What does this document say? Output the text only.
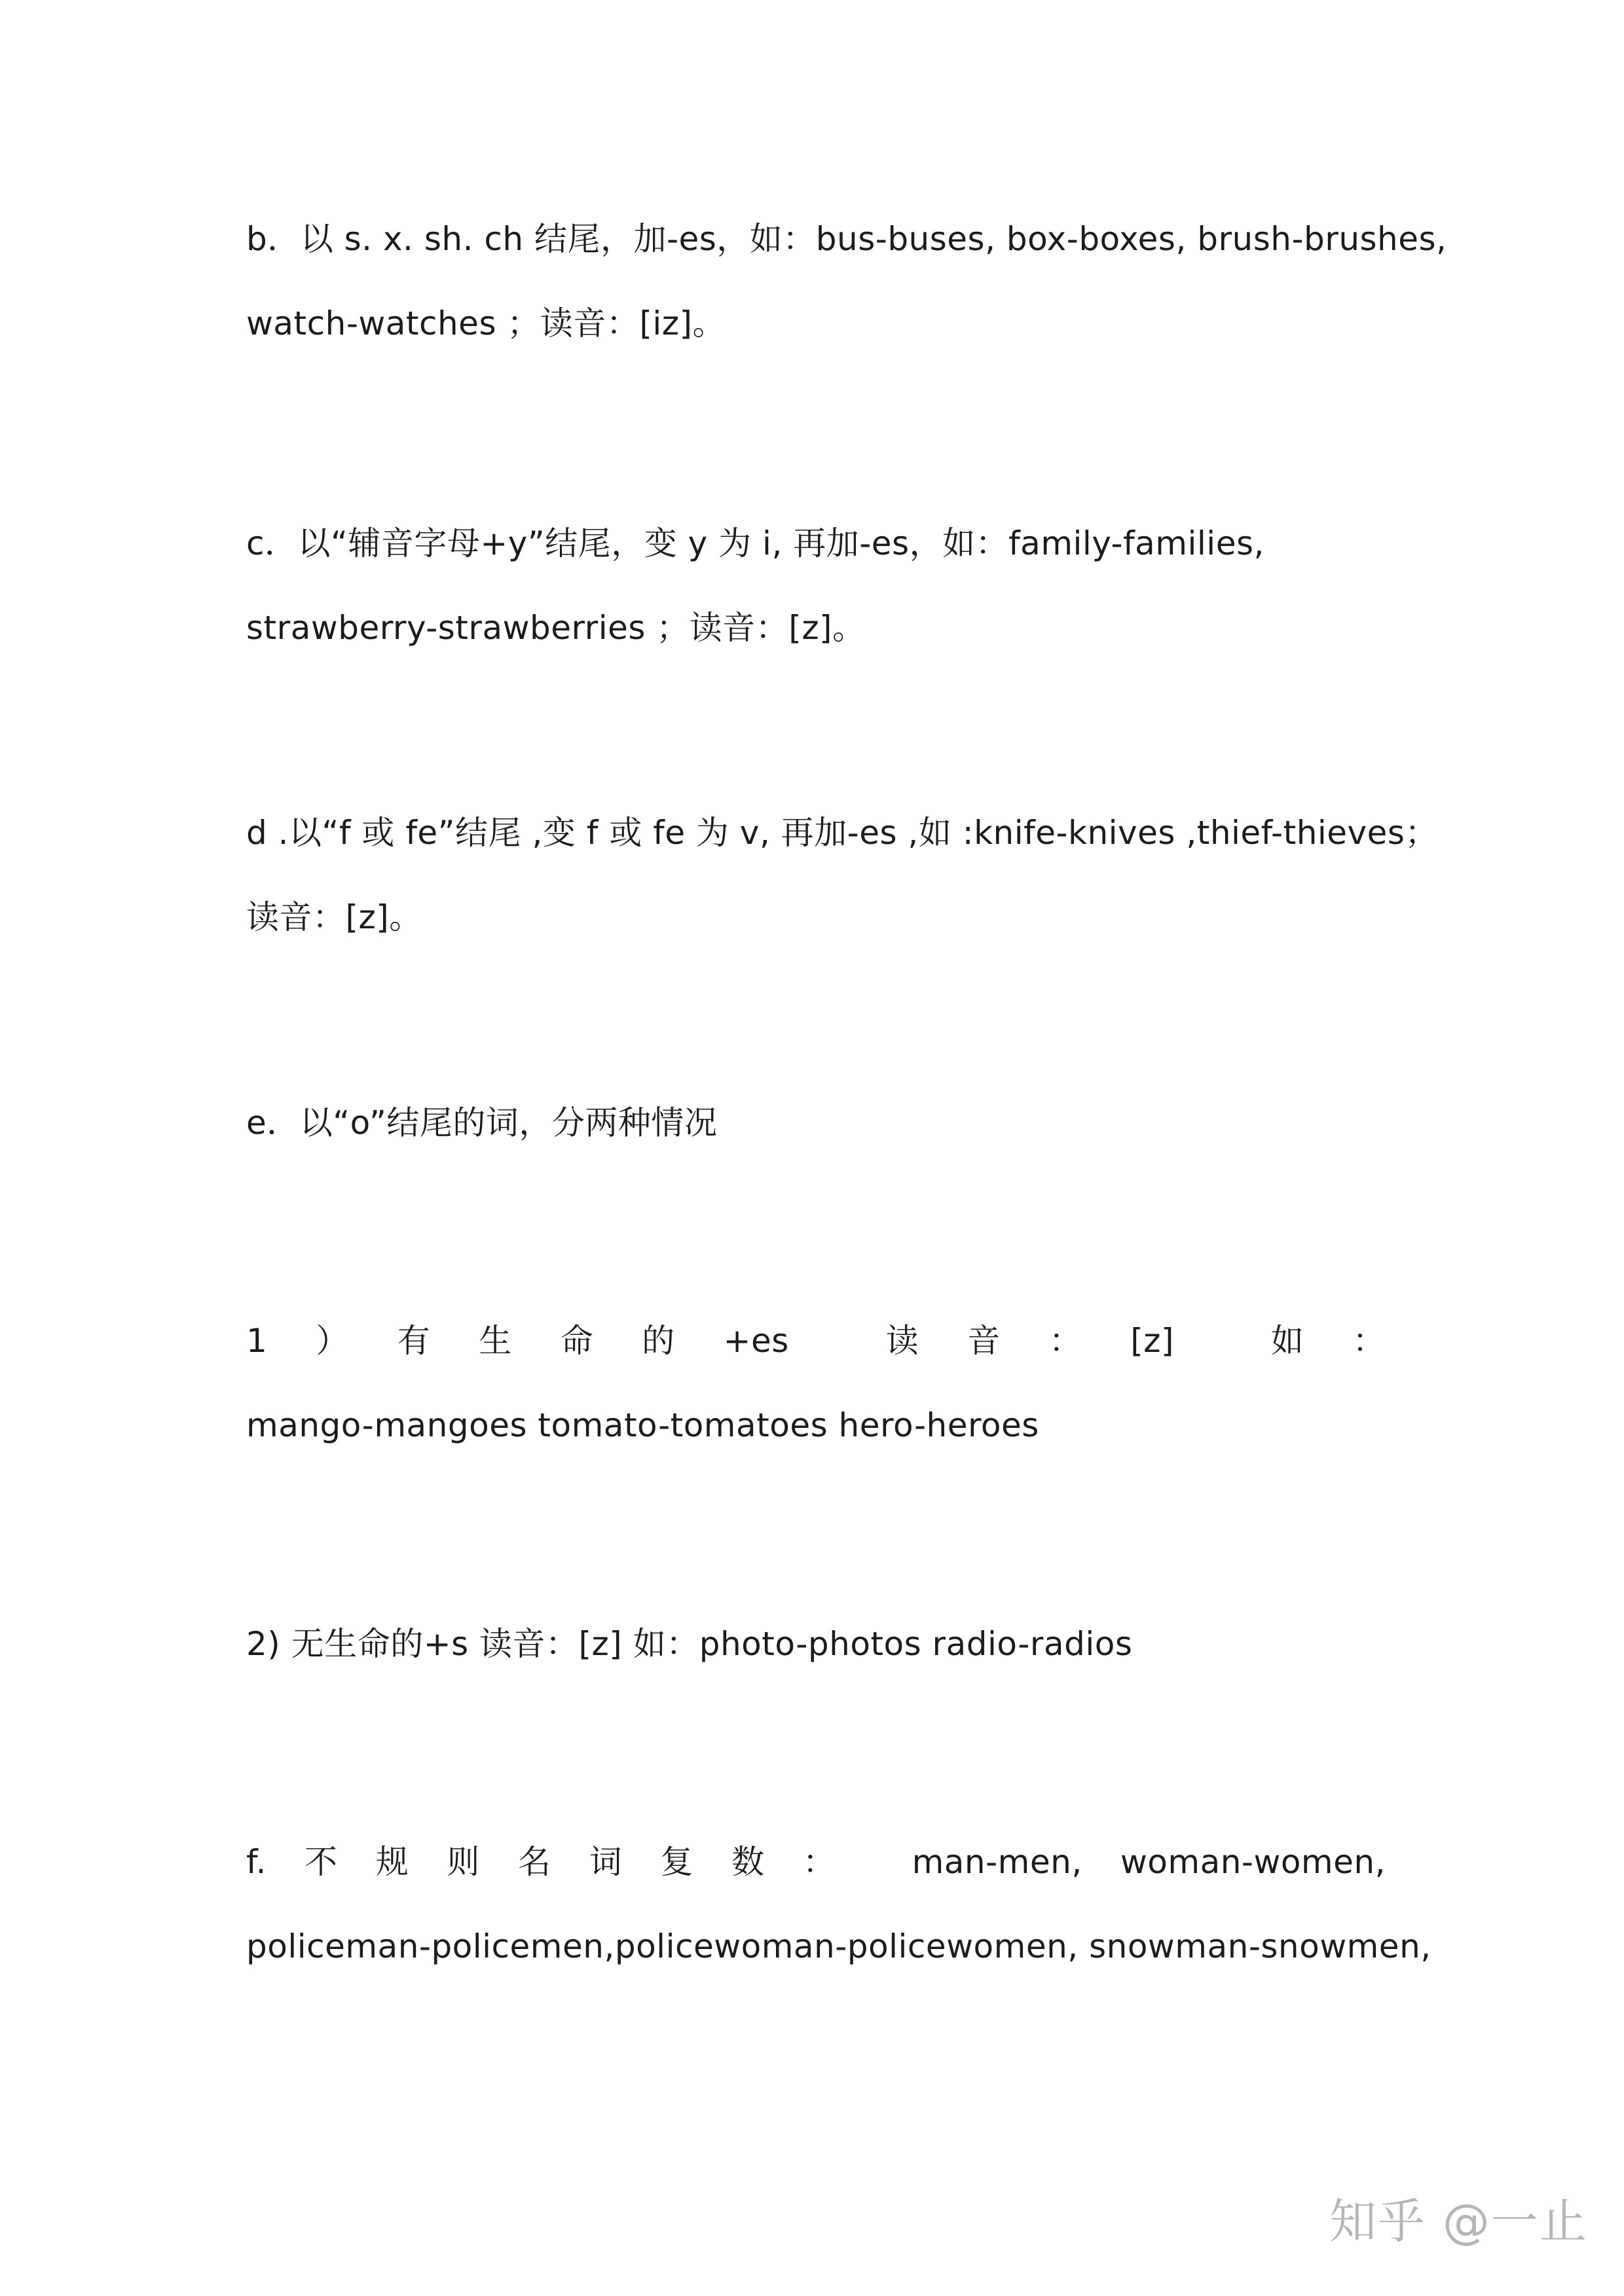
b．以 s. x. sh. ch 结尾，加-es，如：bus-buses, box-boxes, brush-brushes,
watch-watches ；读音：[iz]。
c．以“辅音字母+y”结尾，变 y 为 i, 再加-es，如：family-families,
strawberry-strawberries ；读音：[z]。
d .以“f 或 fe”结尾 ,变 f 或 fe 为 v, 再加-es ,如 :knife-knives ,thief-thieves；
读音：[z]。
e．以“o”结尾的词，分两种情况
1 ） 有 生 命 的 +es	读 音 ： [z]	如 ：
mango-mangoes tomato-tomatoes hero-heroes
2) 无生命的+s 读音：[z] 如：photo-photos radio-radios
f. 不 规 则 名 词 复 数 ： man-men, woman-women,
policeman-policemen,policewoman-policewomen, snowman-snowmen,
知乎 @一止
